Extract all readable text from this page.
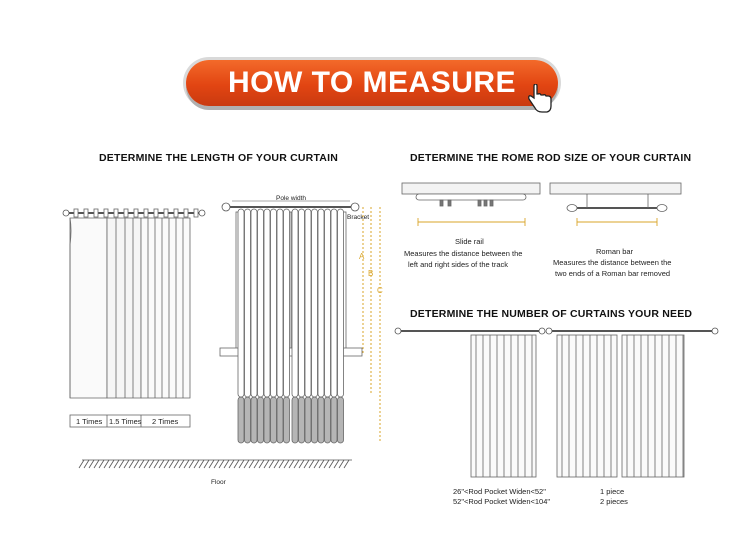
HOW TO MEASURE
DETERMINE THE LENGTH OF YOUR CURTAIN	DETERMINE THE ROME ROD SIZE OF YOUR CURTAIN
DETERMINE THE NUMBER OF CURTAINS YOUR NEED
1 Times 1.5 Times 2 Times
Floor
Pole width
Bracket
A
B
C
Slide rail
Measures the distance between the
left and right sides of the track
Roman bar
Measures the distance between the
two ends of a Roman bar removed
26"<Rod Pocket Widen<52"	1 piece
52"<Rod Pocket Widen<104"	2 pieces
